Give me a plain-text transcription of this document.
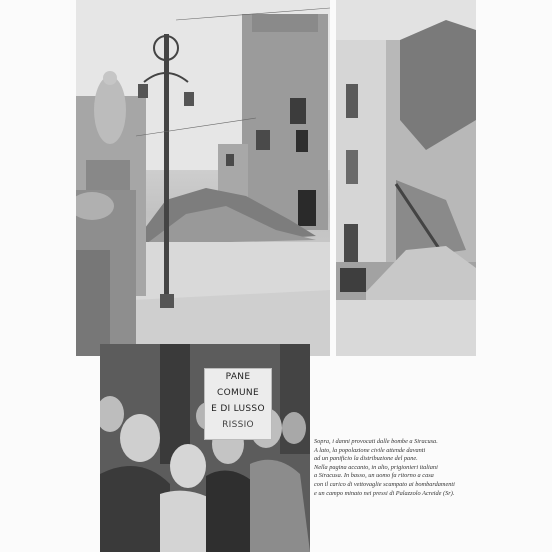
PANE COMUNE
E DI LUSSO
RISSIO

Sopra, i danni provocati dalle bombe a Siracusa.

A lato, la popolazione civile attende davanti

ad un panificio la distribuzione del pane.

Nella pagina accanto, in alto, prigionieri italiani

a Siracusa. In basso, un uomo fa ritorno a casa

con il carico di vettovaglie scampato ai bombardamenti

e un campo minato nei pressi di Palazzolo Acreide (Sr).
